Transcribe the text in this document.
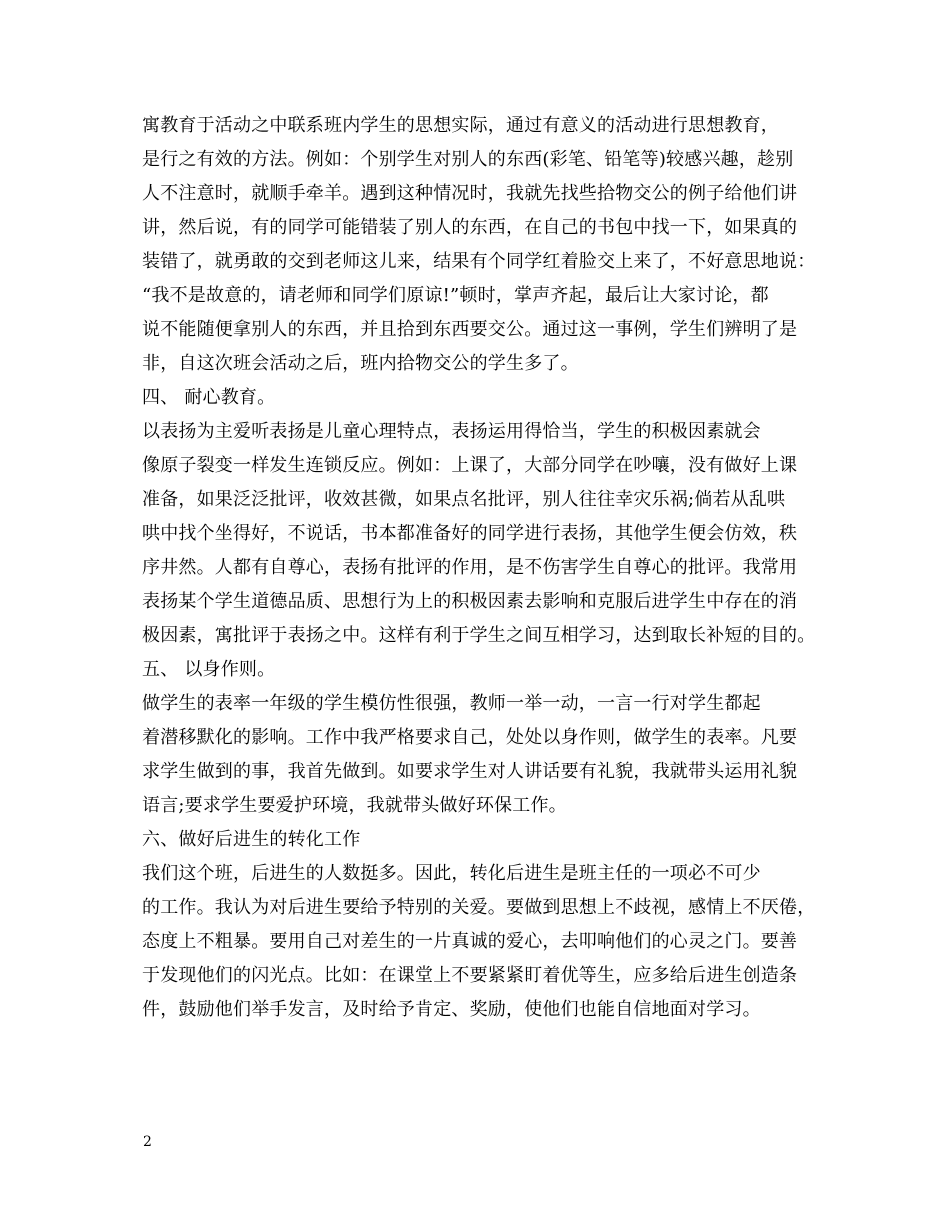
寓教育于活动之中联系班内学生的思想实际，通过有意义的活动进行思想教育，
是行之有效的方法。例如：个别学生对别人的东西(彩笔、铅笔等)较感兴趣，趁别
人不注意时，就顺手牵羊。遇到这种情况时，我就先找些拾物交公的例子给他们讲
讲，然后说，有的同学可能错装了别人的东西，在自己的书包中找一下，如果真的
装错了，就勇敢的交到老师这儿来，结果有个同学红着脸交上来了，不好意思地说：
“我不是故意的，请老师和同学们原谅!”顿时，掌声齐起，最后让大家讨论，都
说不能随便拿别人的东西，并且拾到东西要交公。通过这一事例，学生们辨明了是
非，自这次班会活动之后，班内拾物交公的学生多了。
四、 耐心教育。
以表扬为主爱听表扬是儿童心理特点，表扬运用得恰当，学生的积极因素就会
像原子裂变一样发生连锁反应。例如：上课了，大部分同学在吵嚷，没有做好上课
准备，如果泛泛批评，收效甚微，如果点名批评，别人往往幸灾乐祸;倘若从乱哄
哄中找个坐得好，不说话，书本都准备好的同学进行表扬，其他学生便会仿效，秩
序井然。人都有自尊心，表扬有批评的作用，是不伤害学生自尊心的批评。我常用
表扬某个学生道德品质、思想行为上的积极因素去影响和克服后进学生中存在的消
极因素，寓批评于表扬之中。这样有利于学生之间互相学习，达到取长补短的目的。
五、 以身作则。
做学生的表率一年级的学生模仿性很强，教师一举一动，一言一行对学生都起
着潜移默化的影响。工作中我严格要求自己，处处以身作则，做学生的表率。凡要
求学生做到的事，我首先做到。如要求学生对人讲话要有礼貌，我就带头运用礼貌
语言;要求学生要爱护环境，我就带头做好环保工作。
六、做好后进生的转化工作
我们这个班，后进生的人数挺多。因此，转化后进生是班主任的一项必不可少
的工作。我认为对后进生要给予特别的关爱。要做到思想上不歧视，感情上不厌倦，
态度上不粗暴。要用自己对差生的一片真诚的爱心，去叩响他们的心灵之门。要善
于发现他们的闪光点。比如：在课堂上不要紧紧盯着优等生，应多给后进生创造条
件，鼓励他们举手发言，及时给予肯定、奖励，使他们也能自信地面对学习。
2
